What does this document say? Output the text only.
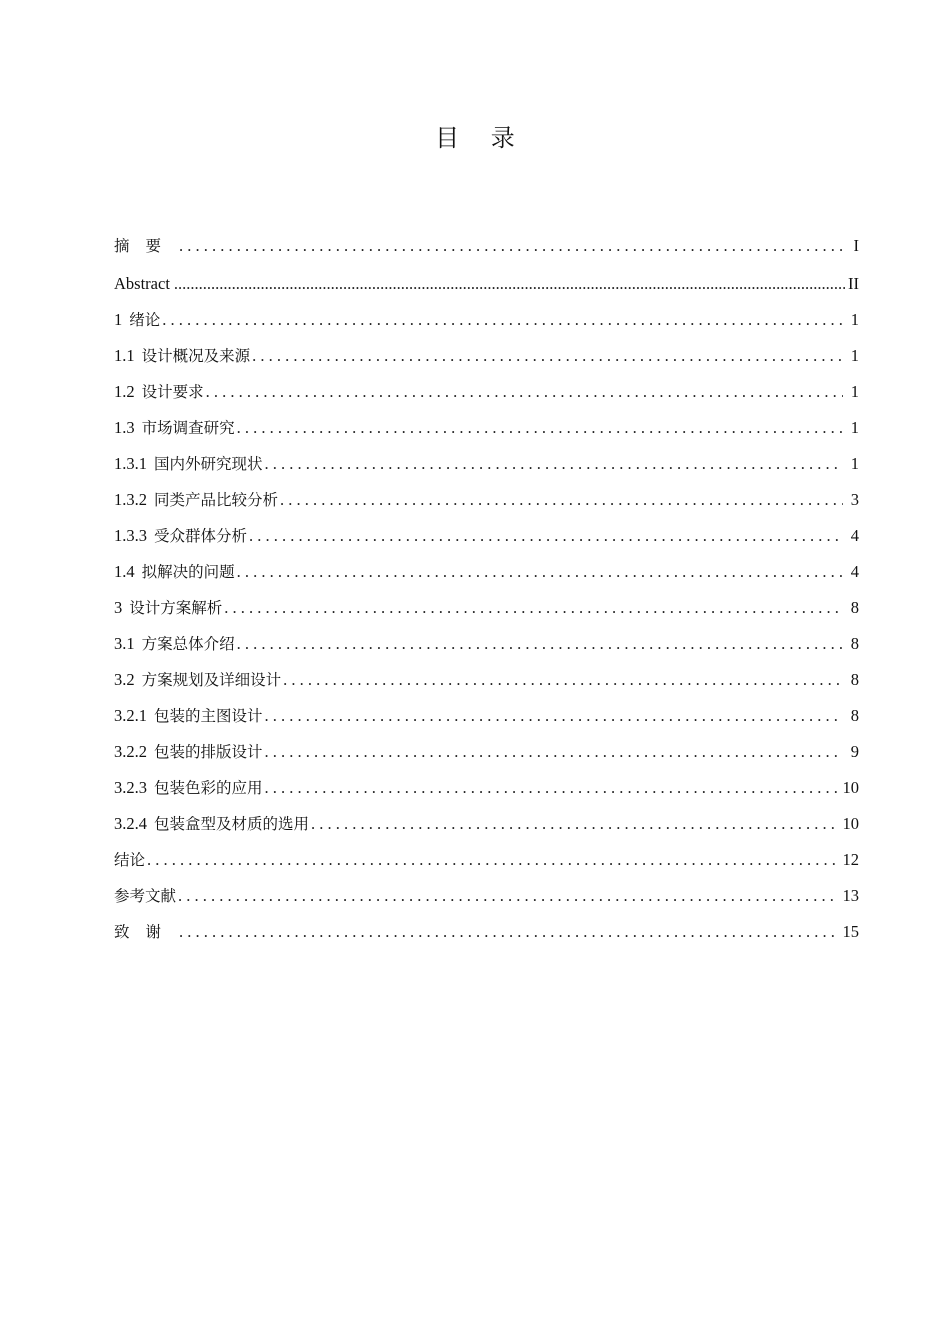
目 录
摘要 . . .	I
Abstract .....	II
1 绪论 . . .	1
1.1 设计概况及来源 . . .	1
1.2 设计要求 . . .	1
1.3 市场调查研究 . . .	1
1.3.1 国内外研究现状 . . .	1
1.3.2 同类产品比较分析 . . .	3
1.3.3 受众群体分析 . . .	4
1.4 拟解决的问题 . . .	4
3 设计方案解析 . . .	8
3.1 方案总体介绍 . . .	8
3.2 方案规划及详细设计 . . .	8
3.2.1 包装的主图设计 . . .	8
3.2.2 包装的排版设计 . . .	9
3.2.3 包装色彩的应用 . . .	10
3.2.4 包装盒型及材质的选用 . . .	10
结论 . . .	12
参考文献 . . .	13
致谢 . . .	15
